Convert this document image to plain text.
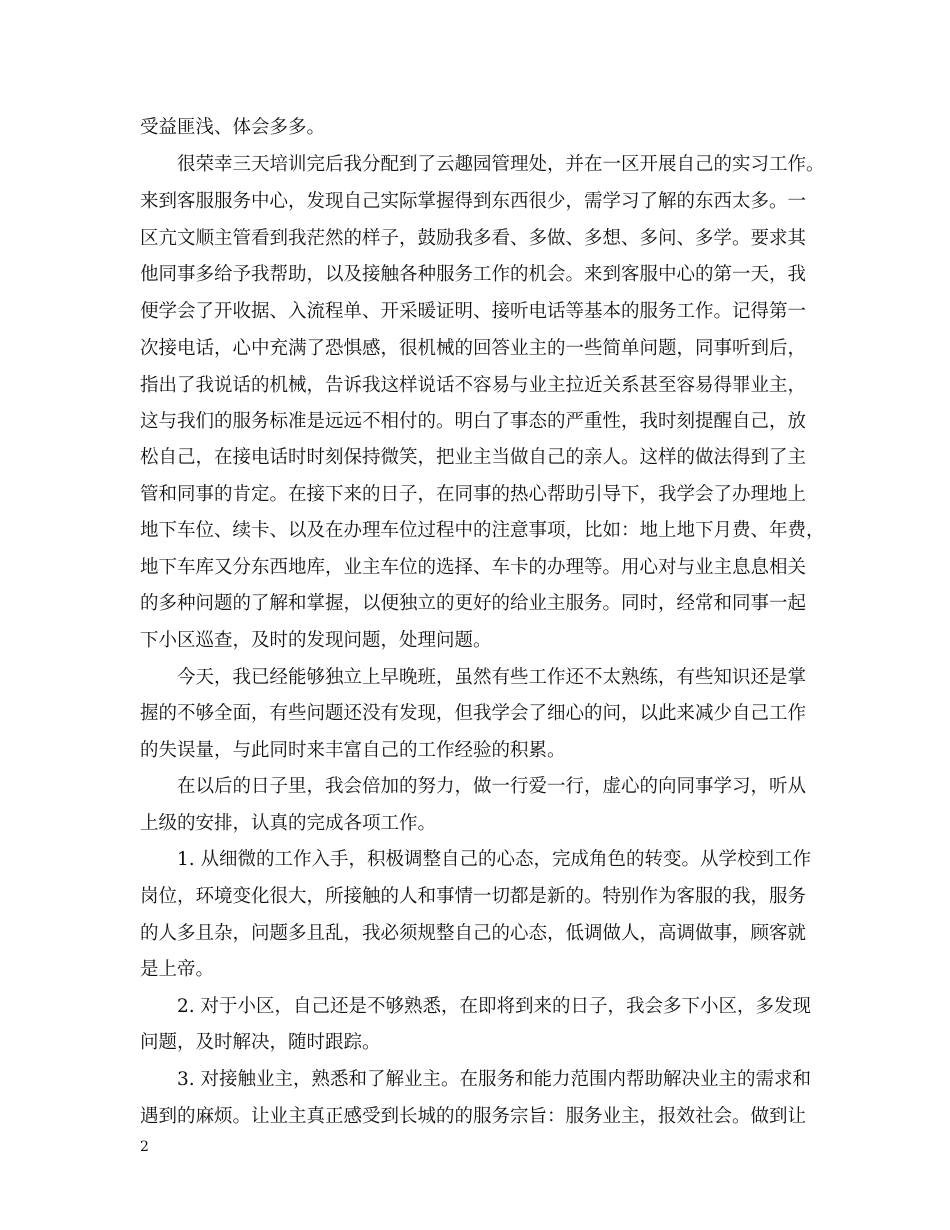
受益匪浅、体会多多。
　　很荣幸三天培训完后我分配到了云趣园管理处，并在一区开展自己的实习工作。
来到客服服务中心，发现自己实际掌握得到东西很少，需学习了解的东西太多。一
区亢文顺主管看到我茫然的样子，鼓励我多看、多做、多想、多问、多学。要求其
他同事多给予我帮助，以及接触各种服务工作的机会。来到客服中心的第一天，我
便学会了开收据、入流程单、开采暖证明、接听电话等基本的服务工作。记得第一
次接电话，心中充满了恐惧感，很机械的回答业主的一些简单问题，同事听到后，
指出了我说话的机械，告诉我这样说话不容易与业主拉近关系甚至容易得罪业主，
这与我们的服务标准是远远不相付的。明白了事态的严重性，我时刻提醒自己，放
松自己，在接电话时时刻保持微笑，把业主当做自己的亲人。这样的做法得到了主
管和同事的肯定。在接下来的日子，在同事的热心帮助引导下，我学会了办理地上
地下车位、续卡、以及在办理车位过程中的注意事项，比如：地上地下月费、年费，
地下车库又分东西地库，业主车位的选择、车卡的办理等。用心对与业主息息相关
的多种问题的了解和掌握，以便独立的更好的给业主服务。同时，经常和同事一起
下小区巡查，及时的发现问题，处理问题。
　　今天，我已经能够独立上早晚班，虽然有些工作还不太熟练，有些知识还是掌
握的不够全面，有些问题还没有发现，但我学会了细心的问，以此来减少自己工作
的失误量，与此同时来丰富自己的工作经验的积累。
　　在以后的日子里，我会倍加的努力，做一行爱一行，虚心的向同事学习，听从
上级的安排，认真的完成各项工作。
　　1. 从细微的工作入手，积极调整自己的心态，完成角色的转变。从学校到工作
岗位，环境变化很大，所接触的人和事情一切都是新的。特别作为客服的我，服务
的人多且杂，问题多且乱，我必须规整自己的心态，低调做人，高调做事，顾客就
是上帝。
　　2. 对于小区，自己还是不够熟悉，在即将到来的日子，我会多下小区，多发现
问题，及时解决，随时跟踪。
　　3. 对接触业主，熟悉和了解业主。在服务和能力范围内帮助解决业主的需求和
遇到的麻烦。让业主真正感受到长城的的服务宗旨：服务业主，报效社会。做到让
2
